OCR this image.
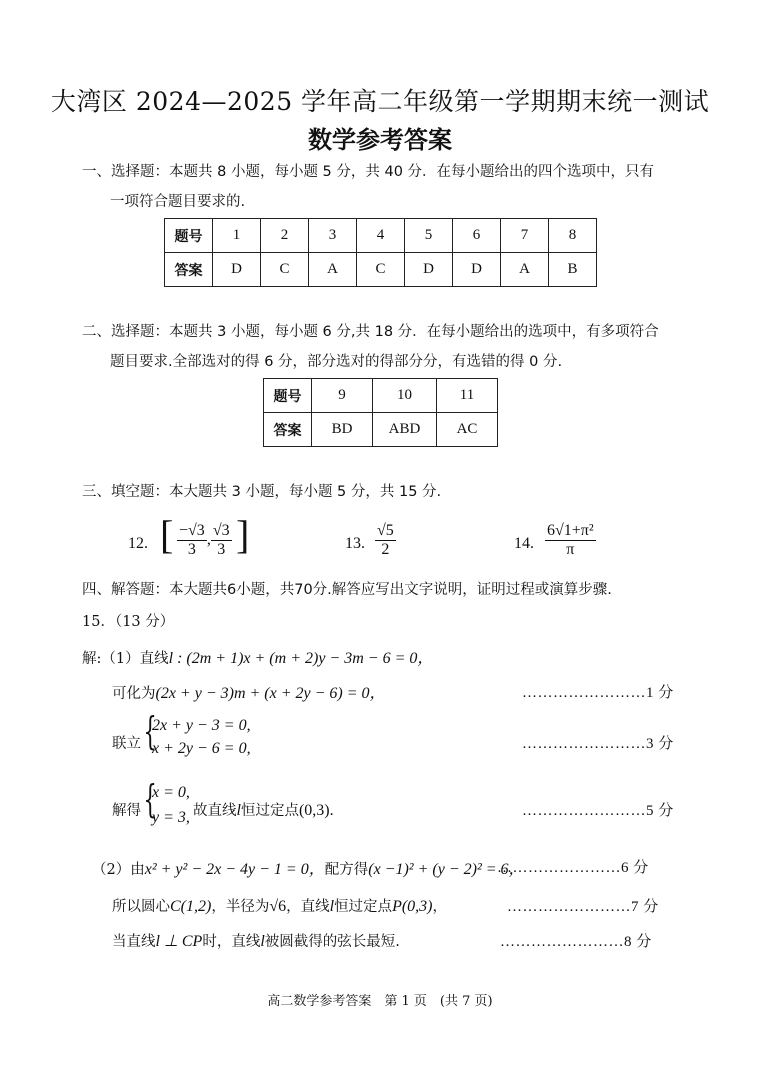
大湾区 2024—2025 学年高二年级第一学期期末统一测试
数学参考答案
一、选择题：本题共 8 小题，每小题 5 分，共 40 分．在每小题给出的四个选项中，只有
一项符合题目要求的.
题号	1	2	3	4	5	6	7	8
答案	D	C	A	C	D	D	A	B
二、选择题：本题共 3 小题，每小题 6 分,共 18 分．在每小题给出的选项中，有多项符合
题目要求.全部选对的得 6 分，部分选对的得部分分，有选错的得 0 分.
题号	9	10	11
答案	BD	ABD	AC
三、填空题：本大题共 3 小题，每小题 5 分，共 15 分.
12. [ $\frac{-√3}{3}$ , $\frac{√3}{3}$ ]	13. $\frac{√5}{2}$	14. $\frac{\text{6√1+π²}}{\pi}$
四、解答题：本大题共6小题，共70分.解答应写出文字说明，证明过程或演算步骤.
15．（13 分）
解:（1）直线l : (2m + 1)x + (m + 2)y − 3m − 6 = 0，
可化为(2x + y − 3)m + (x + 2y − 6) = 0，	……………………1 分
联立 {
2x + y − 3 = 0,
x + 2y − 6 = 0,	……………………3 分
解得 {
x = 0,
y = 3, 故直线l恒过定点(0,3).	……………………5 分
（2）由x² + y² − 2x − 4y − 1 = 0，配方得(x −1)² + (y − 2)² = 6，
……………………6 分
所以圆心C(1,2)，半径为√6，直线l恒过定点P(0,3)，	……………………7 分
当直线l ⊥ CP时，直线l被圆截得的弦长最短.	……………………8 分
高二数学参考答案　第 1 页　(共 7 页)
